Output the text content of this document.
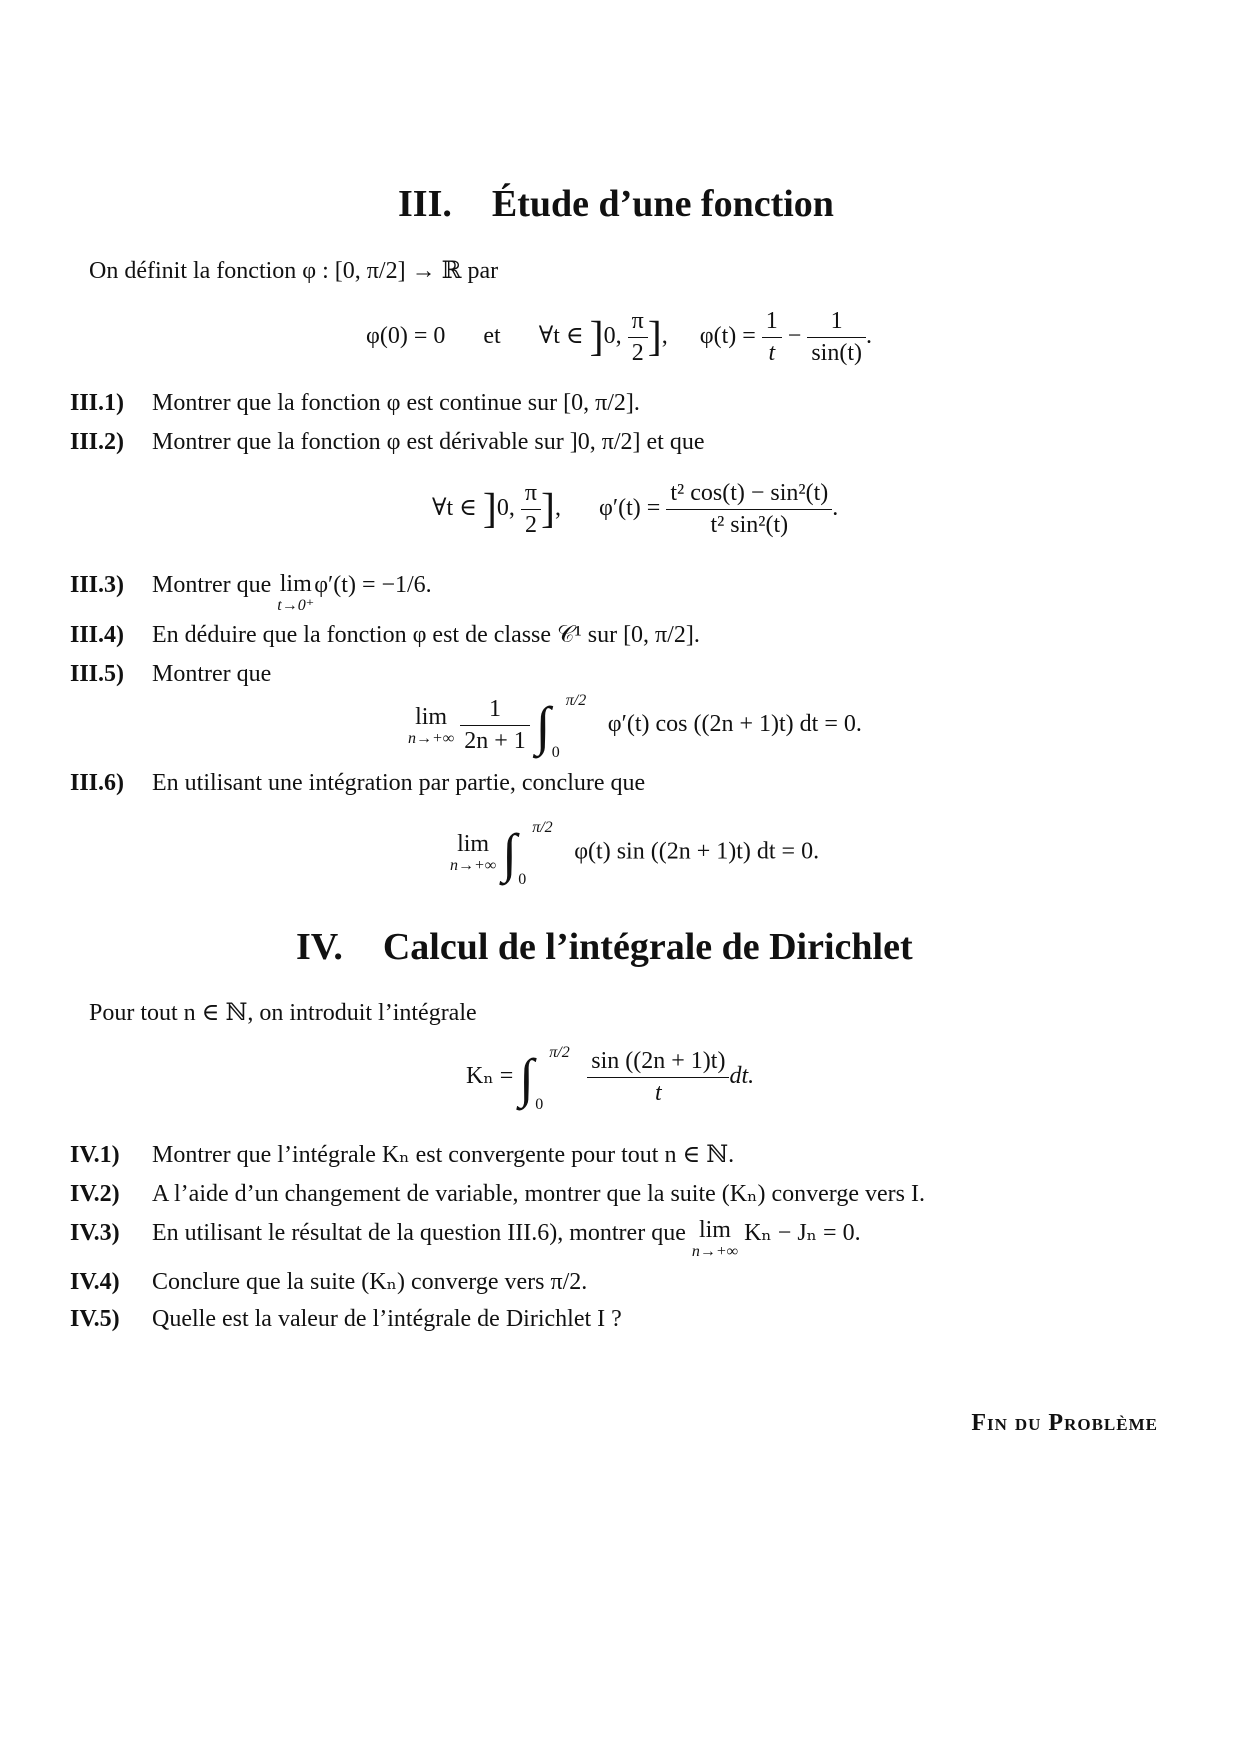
III. Étude d’une fonction
On définit la fonction φ : [0, π/2] → ℝ par
φ(0) = 0 et ∀t ∈ ]0, $\frac{\pi}{2}$ ],  $\varphi(t) = \frac{1}{t} - \frac{1}{\sin(t)}$ .
III.1) Montrer que la fonction φ est continue sur [0, π/2].
III.2) Montrer que la fonction φ est dérivable sur ]0, π/2] et que
∀t ∈ ]0, $\frac{\pi}{2}$ ],  $\varphi'(t) = \frac{\text{t² cos(t) − sin²(t)}}{\text{t² sin²(t)}}$ .
III.3) Montrer que lim
t→0⁺
φ′(t) = −1/6.
III.4) En déduire que la fonction φ est de classe 𝒞¹ sur [0, π/2].
III.5) Montrer que
lim
n→+∞
$\frac{1}{2n + 1}$ ∫ π/2
0
φ′(t) cos ((2n + 1)t) dt = 0.
III.6) En utilisant une intégration par partie, conclure que
lim
n→+∞ ∫ π/2
0
φ(t) sin ((2n + 1)t) dt = 0.
IV. Calcul de l’intégrale de Dirichlet
Pour tout n ∈ ℕ, on introduit l’intégrale
Kₙ = ∫ π/2
0
$\frac{\sin ((2n + 1)t)}{t}$ dt.
IV.1) Montrer que l’intégrale Kₙ est convergente pour tout n ∈ ℕ.
IV.2) A l’aide d’un changement de variable, montrer que la suite (Kₙ) converge vers I.
IV.3) En utilisant le résultat de la question III.6), montrer que lim
n→+∞
Kₙ − Jₙ = 0.
IV.4) Conclure que la suite (Kₙ) converge vers π/2.
IV.5) Quelle est la valeur de l’intégrale de Dirichlet I ?
Fin du Problème
